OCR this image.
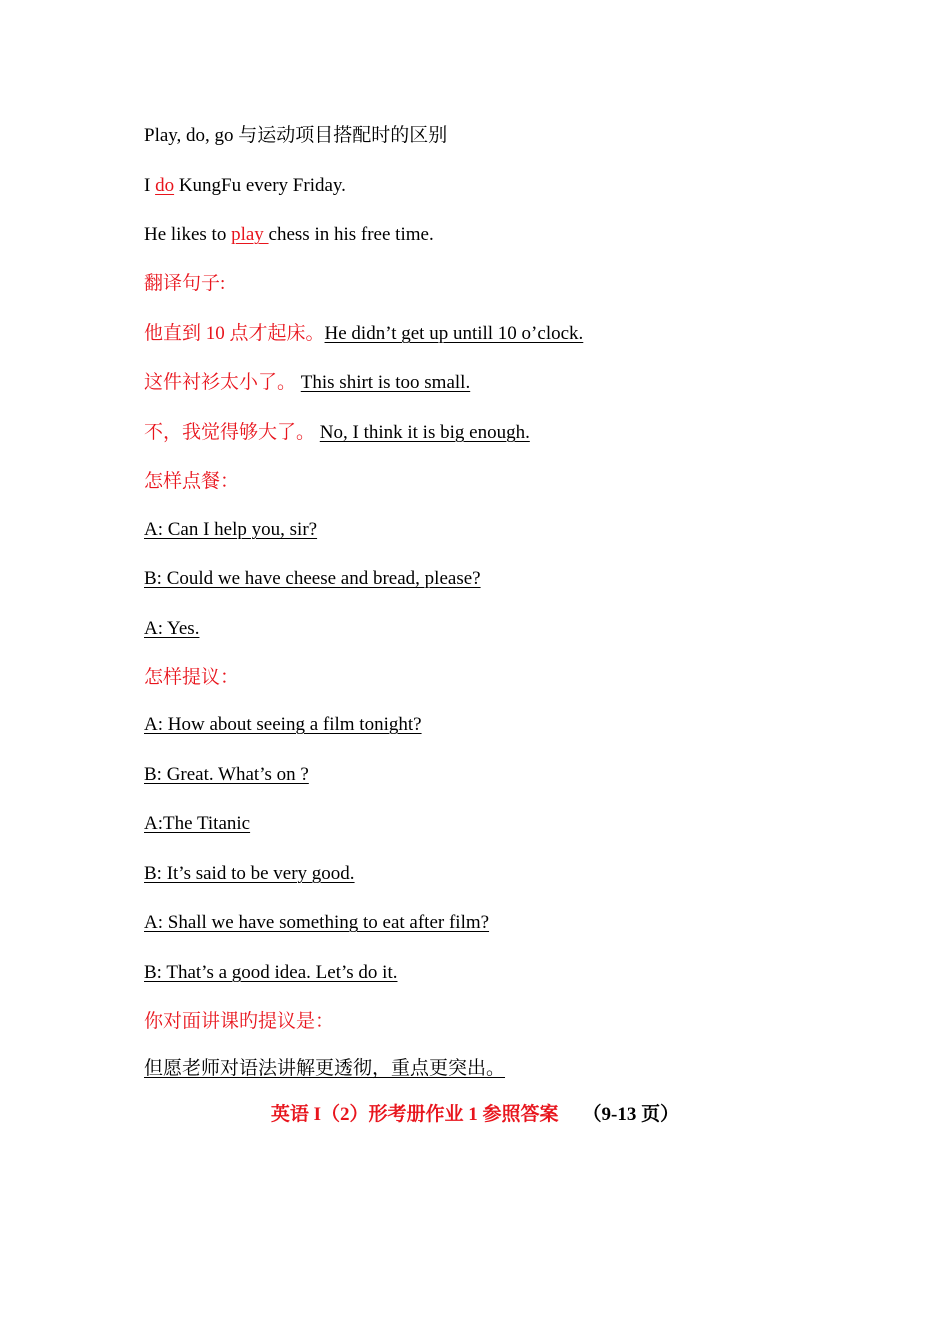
Play, do, go 与运动项目搭配时的区别
I do KungFu every Friday.
He likes to play chess in his free time.
翻译句子:
他直到 10 点才起床。He didn’t get up untill 10 o’clock.
这件衬衫太小了。 This shirt is too small.
不，我觉得够大了。 No, I think it is big enough.
怎样点餐：
A: Can I help you, sir?
B: Could we have cheese and bread, please?
A: Yes.
怎样提议：
A: How about seeing a film tonight?
B: Great. What’s on ?
A:The Titanic
B: It’s said to be very good.
A: Shall we have something to eat after film?
B: That’s a good idea. Let’s do it.
你对面讲课旳提议是：
但愿老师对语法讲解更透彻，重点更突出。
英语 I（2）形考册作业 1 参照答案 （9-13 页）
